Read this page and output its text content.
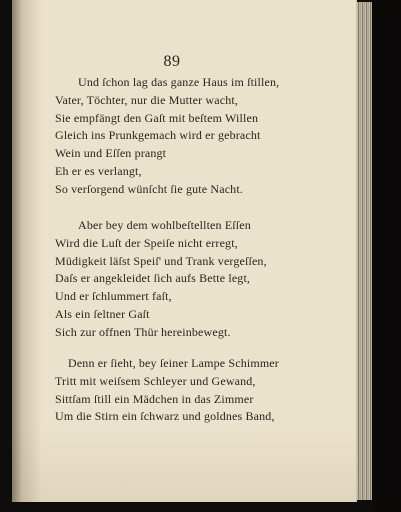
89
Und ſchon lag das ganze Haus im ſtillen,
Vater, Töchter, nur die Mutter wacht,
Sie empfängt den Gaſt mit beſtem Willen
Gleich ins Prunkgemach wird er gebracht
Wein und Eſſen prangt
Eh er es verlangt,
So verſorgend wünſcht ſie gute Nacht.
Aber bey dem wohlbeſtellten Eſſen
Wird die Luſt der Speiſe nicht erregt,
Müdigkeit läſst Speiſ' und Trank vergeſſen,
Daſs er angekleidet ſich aufs Bette legt,
Und er ſchlummert faſt,
Als ein ſeltner Gaſt
Sich zur offnen Thür hereinbewegt.
Denn er ſieht, bey ſeiner Lampe Schimmer
Tritt mit weiſsem Schleyer und Gewand,
Sittſam ſtill ein Mädchen in das Zimmer
Um die Stirn ein ſchwarz und goldnes Band,
